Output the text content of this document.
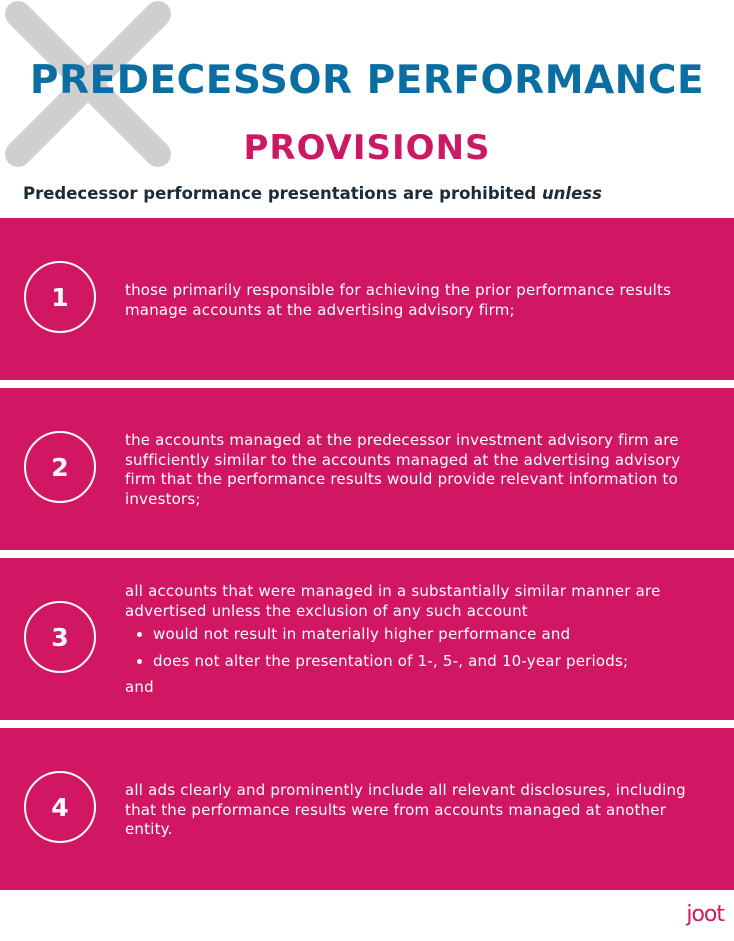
PREDECESSOR PERFORMANCE
PROVISIONS
Predecessor performance presentations are prohibited unless
1	those primarily responsible for achieving the prior performance results manage accounts at the advertising advisory firm;
2
the accounts managed at the predecessor investment advisory firm are sufficiently similar to the accounts managed at the advertising advisory firm that the performance results would provide relevant information to investors;
3
all accounts that were managed in a substantially similar manner are advertised unless the exclusion of any such account
• would not result in materially higher performance and
• does not alter the presentation of 1-, 5-, and 10-year periods;
and
4
all ads clearly and prominently include all relevant disclosures, including that the performance results were from accounts managed at another entity.
joot
